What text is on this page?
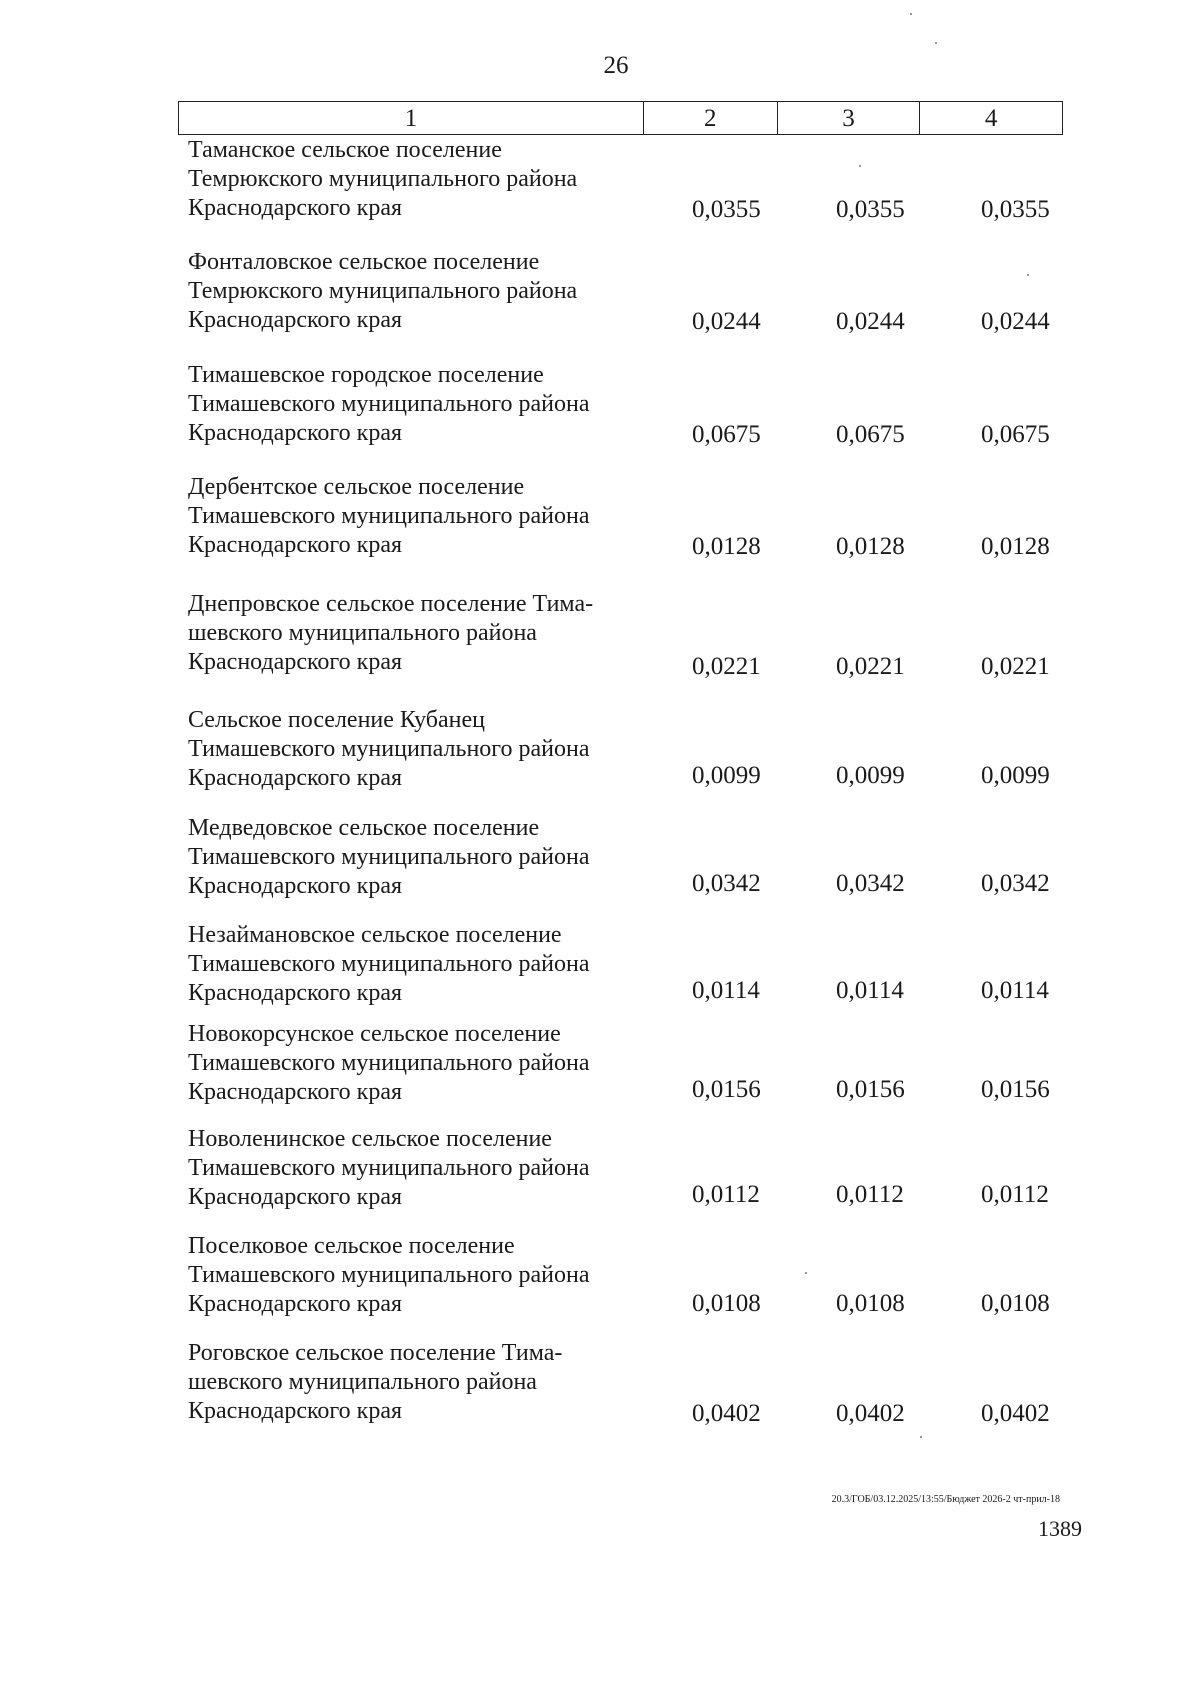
26
1	2	3	4
Таманское сельское поселение
Темрюкского муниципального района
Краснодарского края	0,0355	0,0355	0,0355
Фонталовское сельское поселение
Темрюкского муниципального района
Краснодарского края	0,0244	0,0244	0,0244
Тимашевское городское поселение
Тимашевского муниципального района
Краснодарского края	0,0675	0,0675	0,0675
Дербентское сельское поселение
Тимашевского муниципального района
Краснодарского края	0,0128	0,0128	0,0128
Днепровское сельское поселение Тима-
шевского муниципального района
Краснодарского края	0,0221	0,0221	0,0221
Сельское поселение Кубанец
Тимашевского муниципального района
Краснодарского края	0,0099	0,0099	0,0099
Медведовское сельское поселение
Тимашевского муниципального района
Краснодарского края	0,0342	0,0342	0,0342
Незаймановское сельское поселение
Тимашевского муниципального района
Краснодарского края	0,0114	0,0114	0,0114
Новокорсунское сельское поселение
Тимашевского муниципального района
Краснодарского края	0,0156	0,0156	0,0156
Новоленинское сельское поселение
Тимашевского муниципального района
Краснодарского края	0,0112	0,0112	0,0112
Поселковое сельское поселение
Тимашевского муниципального района
Краснодарского края	0,0108	0,0108	0,0108
Роговское сельское поселение Тима-
шевского муниципального района
Краснодарского края	0,0402	0,0402	0,0402
20.3/ГОБ/03.12.2025/13:55/Бюджет 2026-2 чт-прил-18
1389
